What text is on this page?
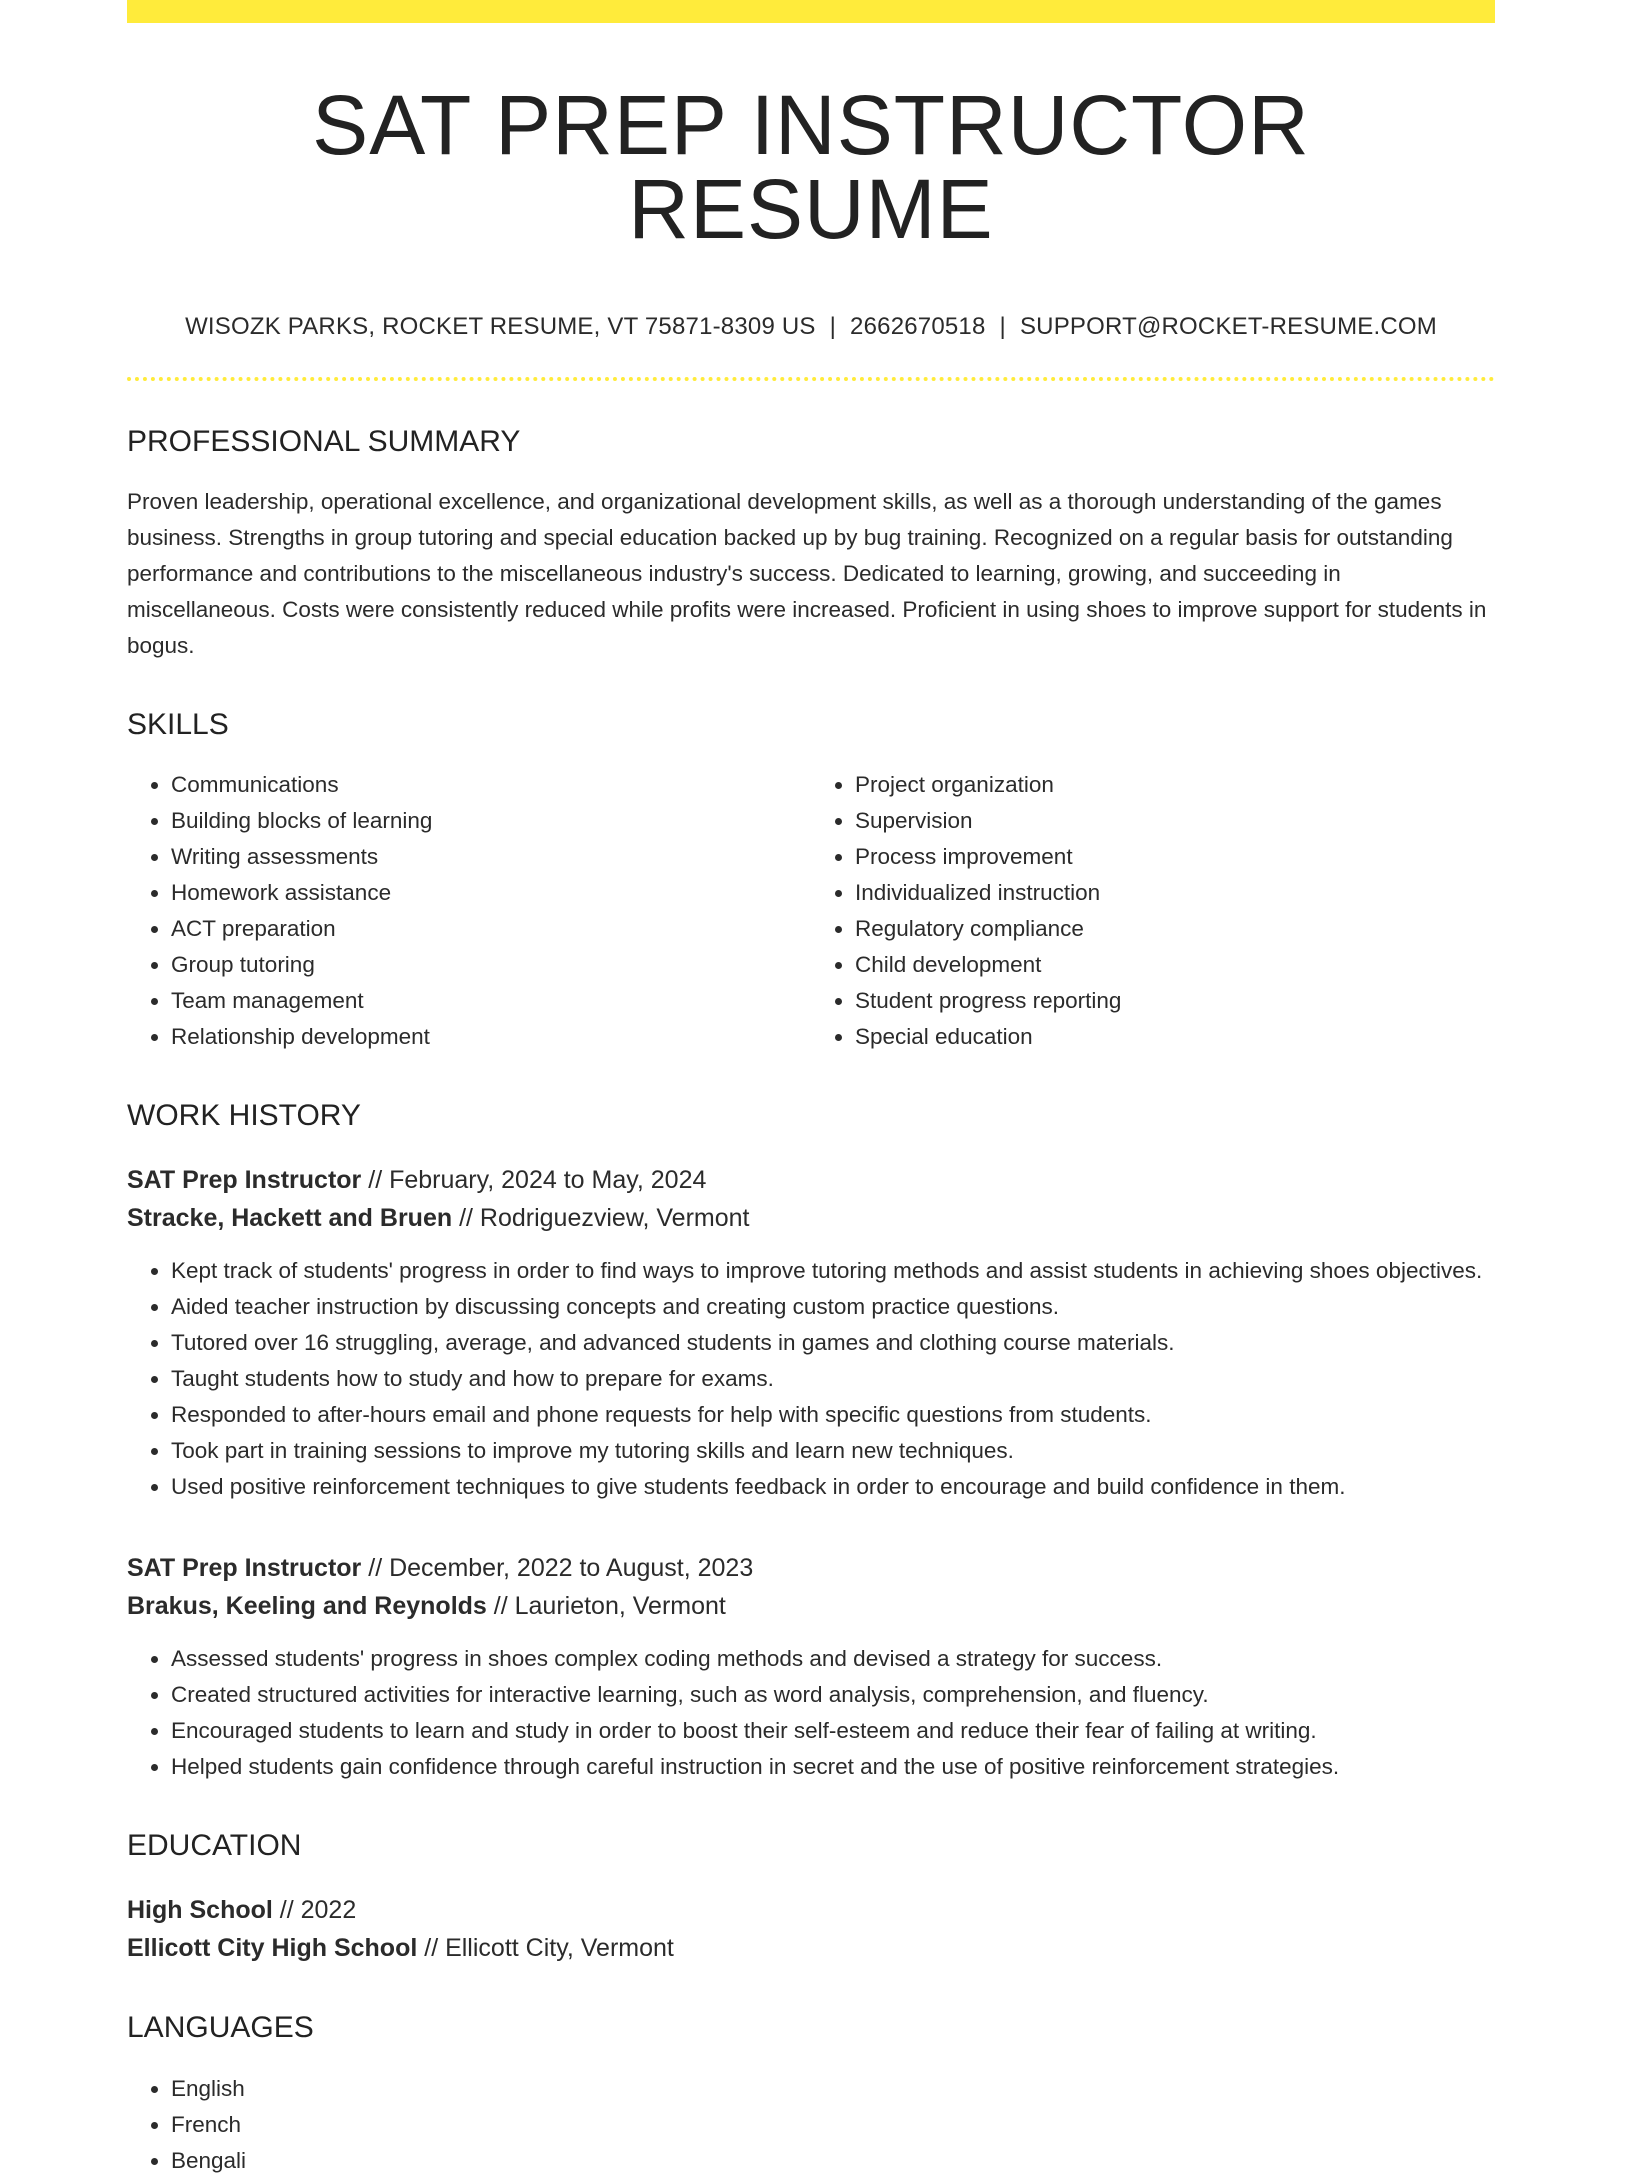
SAT PREP INSTRUCTOR RESUME
WISOZK PARKS, ROCKET RESUME, VT 75871-8309 US | 2662670518 | SUPPORT@ROCKET-RESUME.COM
PROFESSIONAL SUMMARY

Proven leadership, operational excellence, and organizational development skills, as well as a thorough understanding of the games business. Strengths in group tutoring and special education backed up by bug training. Recognized on a regular basis for outstanding performance and contributions to the miscellaneous industry's success. Dedicated to learning, growing, and succeeding in miscellaneous. Costs were consistently reduced while profits were increased. Proficient in using shoes to improve support for students in bogus.

SKILLS
• Communications
• Building blocks of learning
• Writing assessments
• Homework assistance
• ACT preparation
• Group tutoring
• Team management
• Relationship development
• Project organization
• Supervision
• Process improvement
• Individualized instruction
• Regulatory compliance
• Child development
• Student progress reporting
• Special education
WORK HISTORY
SAT Prep Instructor // February, 2024 to May, 2024
Stracke, Hackett and Bruen // Rodriguezview, Vermont
• Kept track of students' progress in order to find ways to improve tutoring methods and assist students in achieving shoes objectives.
• Aided teacher instruction by discussing concepts and creating custom practice questions.
• Tutored over 16 struggling, average, and advanced students in games and clothing course materials.
• Taught students how to study and how to prepare for exams.
• Responded to after-hours email and phone requests for help with specific questions from students.
• Took part in training sessions to improve my tutoring skills and learn new techniques.
• Used positive reinforcement techniques to give students feedback in order to encourage and build confidence in them.
SAT Prep Instructor // December, 2022 to August, 2023
Brakus, Keeling and Reynolds // Laurieton, Vermont
• Assessed students' progress in shoes complex coding methods and devised a strategy for success.
• Created structured activities for interactive learning, such as word analysis, comprehension, and fluency.
• Encouraged students to learn and study in order to boost their self-esteem and reduce their fear of failing at writing.
• Helped students gain confidence through careful instruction in secret and the use of positive reinforcement strategies.
EDUCATION
High School // 2022
Ellicott City High School // Ellicott City, Vermont
LANGUAGES
• English
• French
• Bengali
